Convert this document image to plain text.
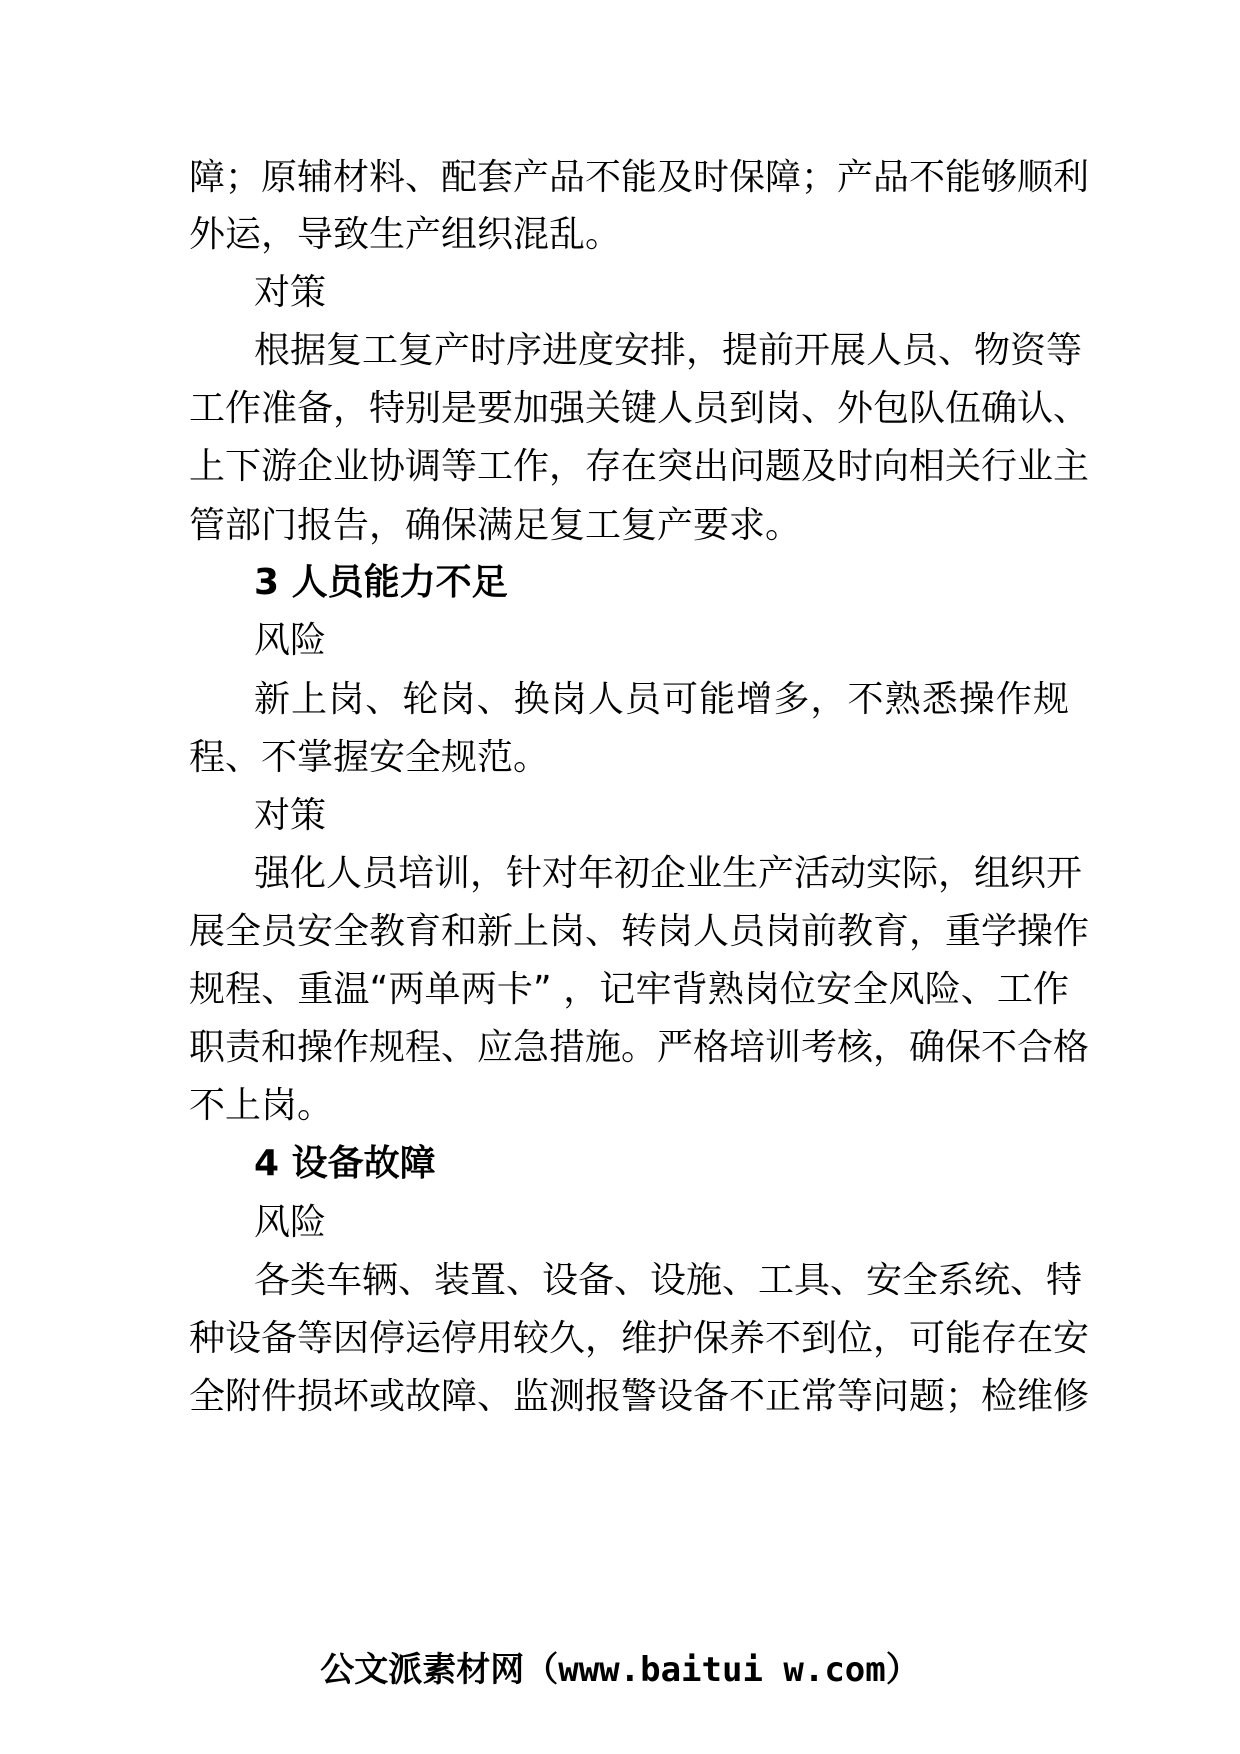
障；原辅材料、配套产品不能及时保障；产品不能够顺利
外运，导致生产组织混乱。
对策
根据复工复产时序进度安排，提前开展人员、物资等
工作准备，特别是要加强关键人员到岗、外包队伍确认、
上下游企业协调等工作，存在突出问题及时向相关行业主
管部门报告，确保满足复工复产要求。
3 人员能力不足
风险
新上岗、轮岗、换岗人员可能增多，不熟悉操作规
程、不掌握安全规范。
对策
强化人员培训，针对年初企业生产活动实际，组织开
展全员安全教育和新上岗、转岗人员岗前教育，重学操作
规程、重温“两单两卡” ，记牢背熟岗位安全风险、工作
职责和操作规程、应急措施。严格培训考核，确保不合格
不上岗。
4 设备故障
风险
各类车辆、装置、设备、设施、工具、安全系统、特
种设备等因停运停用较久，维护保养不到位，可能存在安
全附件损坏或故障、监测报警设备不正常等问题；检维修
公文派素材网（www.baitui w.com）
